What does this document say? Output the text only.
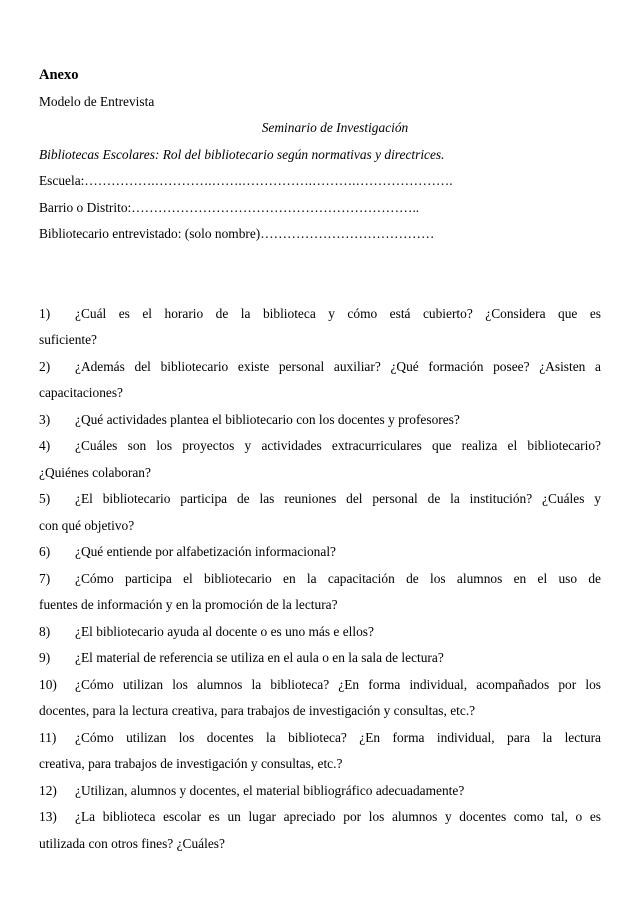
Anexo
Modelo de Entrevista
Seminario de Investigación
Bibliotecas Escolares: Rol del bibliotecario según normativas y directrices.
Escuela:…………….………….…….…………….……….………………….
Barrio o Distrito:………………………………………………………..
Bibliotecario entrevistado: (solo nombre)…………………………………
1) ¿Cuál es el horario de la biblioteca y cómo está cubierto? ¿Considera que es
suficiente?
2) ¿Además del bibliotecario existe personal auxiliar? ¿Qué formación posee? ¿Asisten a
capacitaciones?
3) ¿Qué actividades plantea el bibliotecario con los docentes y profesores?
4) ¿Cuáles son los proyectos y actividades extracurriculares que realiza el bibliotecario?
¿Quiénes colaboran?
5) ¿El bibliotecario participa de las reuniones del personal de la institución? ¿Cuáles y
con qué objetivo?
6) ¿Qué entiende por alfabetización informacional?
7) ¿Cómo participa el bibliotecario en la capacitación de los alumnos en el uso de
fuentes de información y en la promoción de la lectura?
8) ¿El bibliotecario ayuda al docente o es uno más e ellos?
9) ¿El material de referencia se utiliza en el aula o en la sala de lectura?
10) ¿Cómo utilizan los alumnos la biblioteca? ¿En forma individual, acompañados por los
docentes, para la lectura creativa, para trabajos de investigación y consultas, etc.?
11) ¿Cómo utilizan los docentes la biblioteca? ¿En forma individual, para la lectura
creativa, para trabajos de investigación y consultas, etc.?
12) ¿Utilizan, alumnos y docentes, el material bibliográfico adecuadamente?
13) ¿La biblioteca escolar es un lugar apreciado por los alumnos y docentes como tal, o es
utilizada con otros fines? ¿Cuáles?
